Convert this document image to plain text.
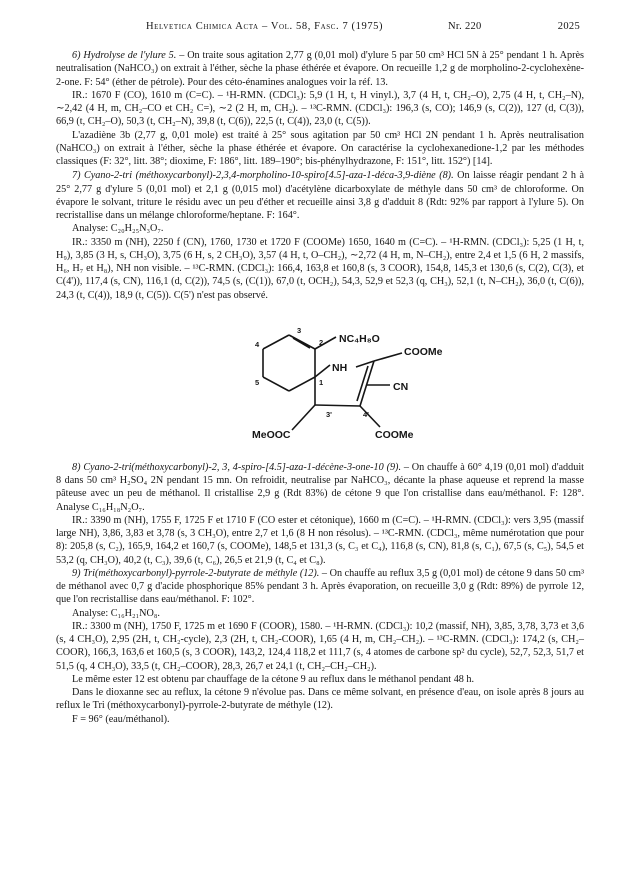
Helvetica Chimica Acta – Vol. 58, Fasc. 7 (1975)	Nr. 220	2025

6) Hydrolyse de l'ylure 5. – On traite sous agitation 2,77 g (0,01 mol) d'ylure 5 par 50 cm³ HCl 5N à 25° pendant 1 h. Après neutralisation (NaHCO₃) on extrait à l'éther, sèche la phase éthérée et évapore. On recueille 1,2 g de morpholino-2-cyclohexène-2-one. F: 54° (éther de pétrole). Pour des céto-énamines analogues voir la réf. 13.

IR.: 1670 F (CO), 1610 m (C=C). – ¹H-RMN. (CDCl₃): 5,9 (1 H, t, H vinyl.), 3,7 (4 H, t, CH₂–O), 2,75 (4 H, t, CH₂–N), ∼2,42 (4 H, m, CH₂–CO et CH₂ C=), ∼2 (2 H, m, CH₂). – ¹³C-RMN. (CDCl₃): 196,3 (s, CO); 146,9 (s, C(2)), 127 (d, C(3)), 66,9 (t, CH₂–O), 50,3 (t, CH₂–N), 39,8 (t, C(6)), 22,5 (t, C(4)), 23,0 (t, C(5)).

L'azadiène 3b (2,77 g, 0,01 mole) est traité à 25° sous agitation par 50 cm³ HCl 2N pendant 1 h. Après neutralisation (NaHCO₃) on extrait à l'éther, sèche la phase éthérée et évapore. On caractérise la cyclohexanedione-1,2 par les méthodes classiques (F: 32°, litt. 38°; dioxime, F: 186°, litt. 189–190°; bis-phénylhydrazone, F: 151°, litt. 152°) [14].

7) Cyano-2-tri (méthoxycarbonyl)-2,3,4-morpholino-10-spiro[4.5]-aza-1-déca-3,9-diène (8). On laisse réagir pendant 2 h à 25° 2,77 g d'ylure 5 (0,01 mol) et 2,1 g (0,015 mol) d'acétylène dicarboxylate de méthyle dans 50 cm³ de chloroforme. On évapore le solvant, triture le résidu avec un peu d'éther et recueille ainsi 3,8 g d'adduit 8 (Rdt: 92% par rapport à l'ylure 5). On recristallise dans un mélange chloroforme/heptane. F: 164°.

Analyse: C₂₀H₂₅N₃O₇.

IR.: 3350 m (NH), 2250 f (CN), 1760, 1730 et 1720 F (COOMe) 1650, 1640 m (C=C). – ¹H-RMN. (CDCl₃): 5,25 (1 H, t, H₉), 3,85 (3 H, s, CH₃O), 3,75 (6 H, s, 2 CH₃O), 3,57 (4 H, t, O–CH₂), ∼2,72 (4 H, m, N–CH₂), entre 2,4 et 1,5 (6 H, 2 massifs, H₆, H₇ et H₈), NH non visible. – ¹³C-RMN. (CDCl₃): 166,4, 163,8 et 160,8 (s, 3 COOR), 154,8, 145,3 et 130,6 (s, C(2), C(3), et C(4')), 117,4 (s, CN), 116,1 (d, C(2)), 74,5 (s, (C(1)), 67,0 (t, OCH₂), 54,3, 52,9 et 52,3 (q, CH₃), 52,1 (t, N–CH₂), 36,0 (t, C(6)), 24,3 (t, C(4)), 18,9 (t, C(5)). C(5') n'est pas observé.

NC₄H₈O
NH
COOMe
CN
MeOOC	COOMe
3
2
1
4
5
3'	4'

8) Cyano-2-tri(méthoxycarbonyl)-2, 3, 4-spiro-[4.5]-aza-1-décène-3-one-10 (9). – On chauffe à 60° 4,19 (0,01 mol) d'adduit 8 dans 50 cm³ H₂SO₄ 2N pendant 15 mn. On refroidit, neutralise par NaHCO₃, décante la phase aqueuse et reprend la masse pâteuse avec un peu de méthanol. Il cristallise 2,9 g (Rdt 83%) de cétone 9 que l'on cristallise dans eau/méthanol. F: 128°. Analyse C₁₆H₁₈N₂O₇.

IR.: 3390 m (NH), 1755 F, 1725 F et 1710 F (CO ester et cétonique), 1660 m (C=C). – ¹H-RMN. (CDCl₃): vers 3,95 (massif large NH), 3,86, 3,83 et 3,78 (s, 3 CH₃O), entre 2,7 et 1,6 (8 H non résolus). – ¹³C-RMN. (CDCl₃, même numérotation que pour 8): 205,8 (s, C₂), 165,9, 164,2 et 160,7 (s, COOMe), 148,5 et 131,3 (s, C₃ et C₄), 116,8 (s, CN), 81,8 (s, C₁), 67,5 (s, C₅), 54,5 et 53,2 (q, CH₃O), 40,2 (t, C₃), 39,6 (t, C₆), 26,5 et 21,9 (t, C₄ et C₈).

9) Tri(méthoxycarbonyl)-pyrrole-2-butyrate de méthyle (12). – On chauffe au reflux 3,5 g (0,01 mol) de cétone 9 dans 50 cm³ de méthanol avec 0,7 g d'acide phosphorique 85% pendant 3 h. Après évaporation, on recueille 3,0 g (Rdt: 89%) de pyrrole 12, que l'on recristallise dans eau/méthanol. F: 102°.

Analyse: C₁₆H₂₁NO₈.

IR.: 3300 m (NH), 1750 F, 1725 m et 1690 F (COOR), 1580. – ¹H-RMN. (CDCl₃): 10,2 (massif, NH), 3,85, 3,78, 3,73 et 3,6 (s, 4 CH₃O), 2,95 (2H, t, CH₂-cycle), 2,3 (2H, t, CH₂-COOR), 1,65 (4 H, m, CH₂–CH₂). – ¹³C-RMN. (CDCl₃): 174,2 (s, CH₂–COOR), 166,3, 163,6 et 160,5 (s, 3 COOR), 143,2, 124,4 118,2 et 111,7 (s, 4 atomes de carbone sp² du cycle), 52,7, 52,3, 51,7 et 51,5 (q, 4 CH₃O), 33,5 (t, CH₂–COOR), 28,3, 26,7 et 24,1 (t, CH₂–CH₂–CH₂).

Le même ester 12 est obtenu par chauffage de la cétone 9 au reflux dans le méthanol pendant 48 h.

Dans le dioxanne sec au reflux, la cétone 9 n'évolue pas. Dans ce même solvant, en présence d'eau, on isole après 8 jours au reflux le Tri (méthoxycarbonyl)-pyrrole-2-butyrate de méthyle (12).

F = 96° (eau/méthanol).
